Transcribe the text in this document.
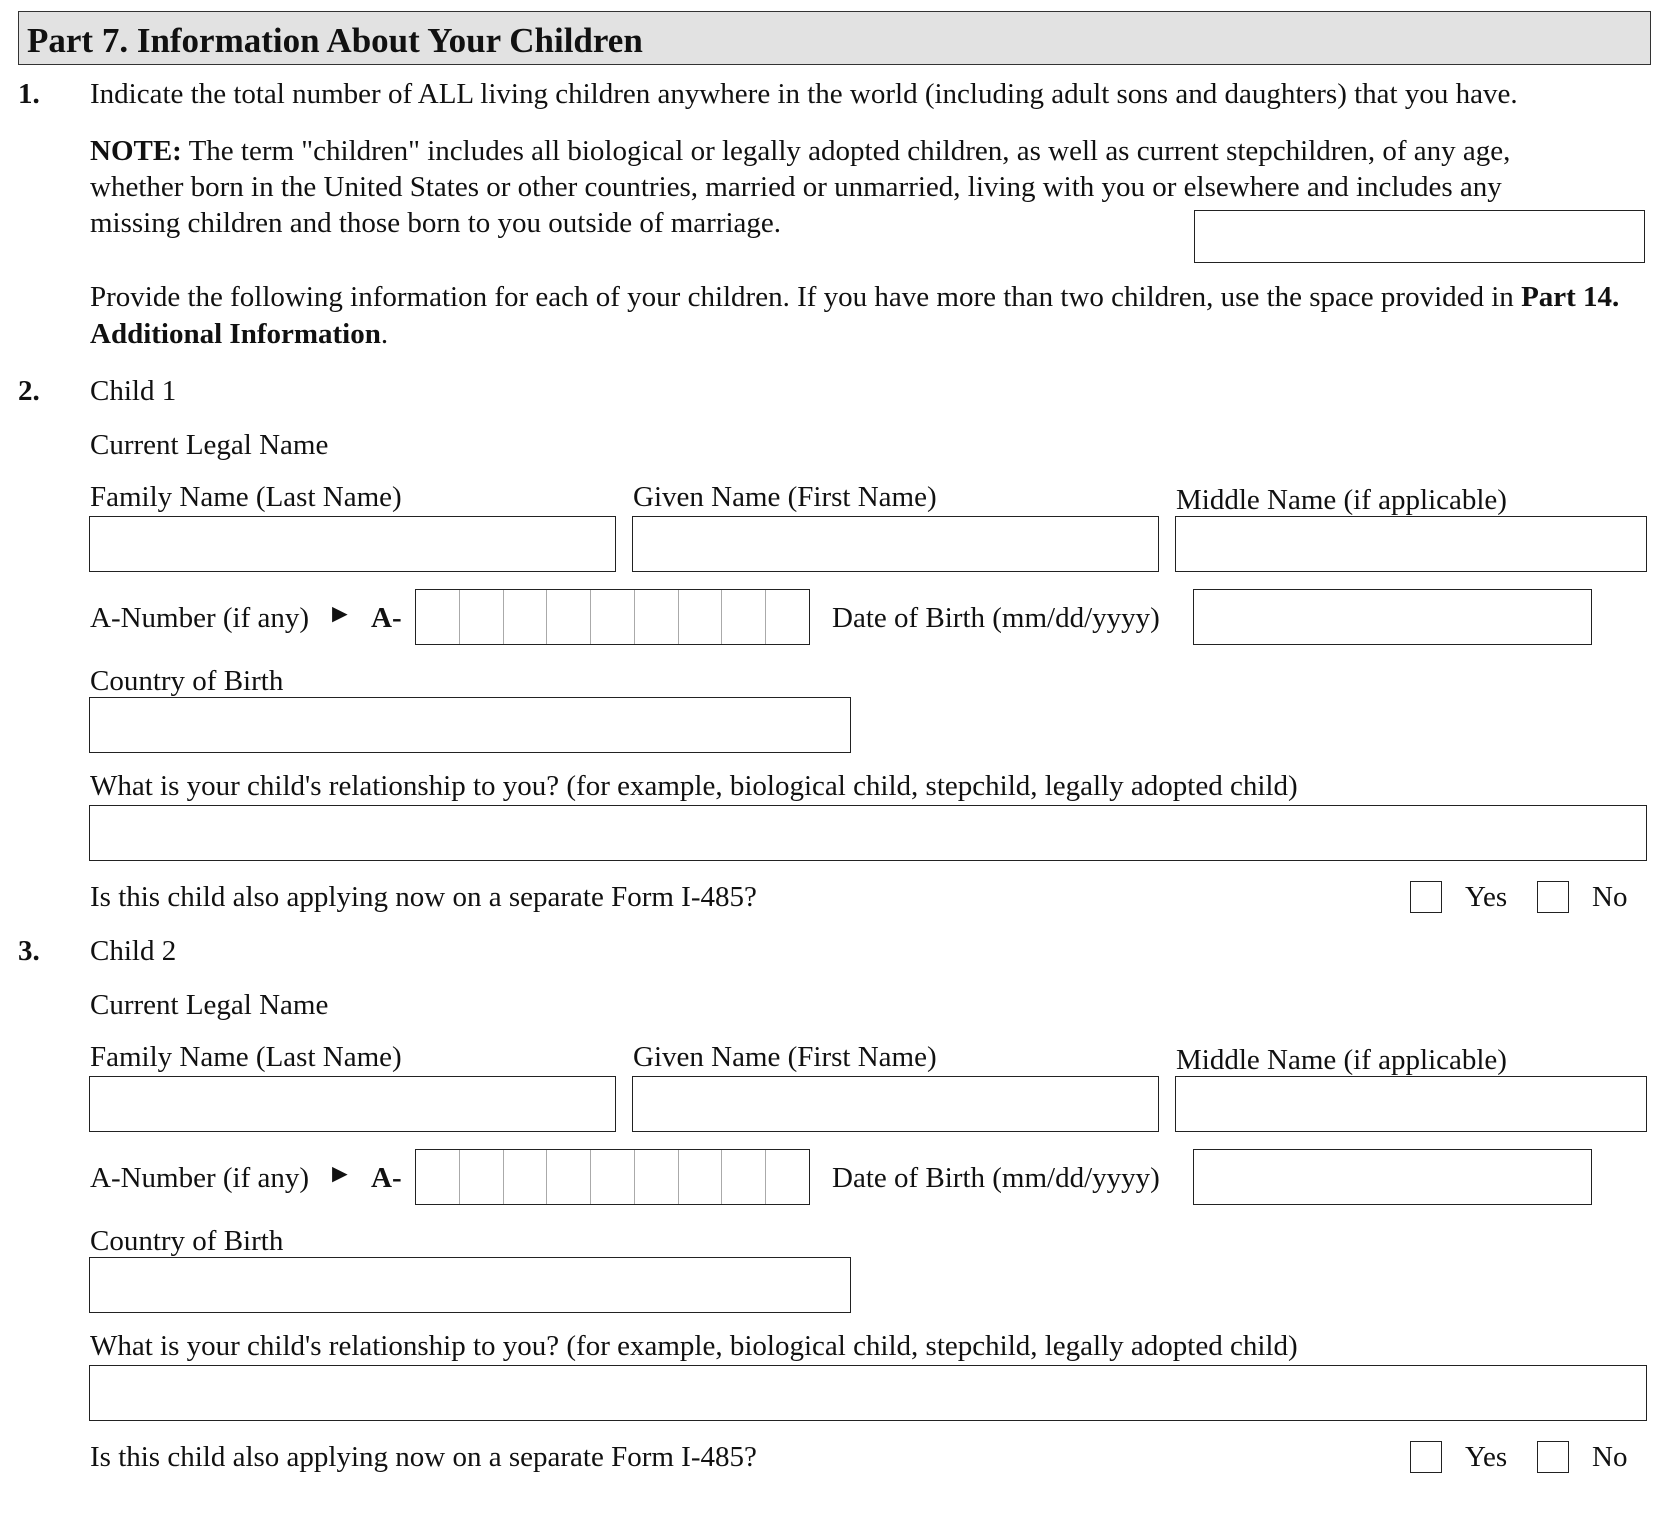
Part 7. Information About Your Children
1. Indicate the total number of ALL living children anywhere in the world (including adult sons and daughters) that you have.
NOTE: The term "children" includes all biological or legally adopted children, as well as current stepchildren, of any age, whether born in the United States or other countries, married or unmarried, living with you or elsewhere and includes any missing children and those born to you outside of marriage.
Provide the following information for each of your children. If you have more than two children, use the space provided in Part 14. Additional Information.
2. Child 1
Current Legal Name
Family Name (Last Name)	Given Name (First Name)	Middle Name (if applicable)
A-Number (if any) ► A-	Date of Birth (mm/dd/yyyy)
Country of Birth
What is your child's relationship to you? (for example, biological child, stepchild, legally adopted child)
Is this child also applying now on a separate Form I-485?	Yes	No
3. Child 2
Current Legal Name
Family Name (Last Name)	Given Name (First Name)	Middle Name (if applicable)
A-Number (if any) ► A-	Date of Birth (mm/dd/yyyy)
Country of Birth
What is your child's relationship to you? (for example, biological child, stepchild, legally adopted child)
Is this child also applying now on a separate Form I-485?	Yes	No
